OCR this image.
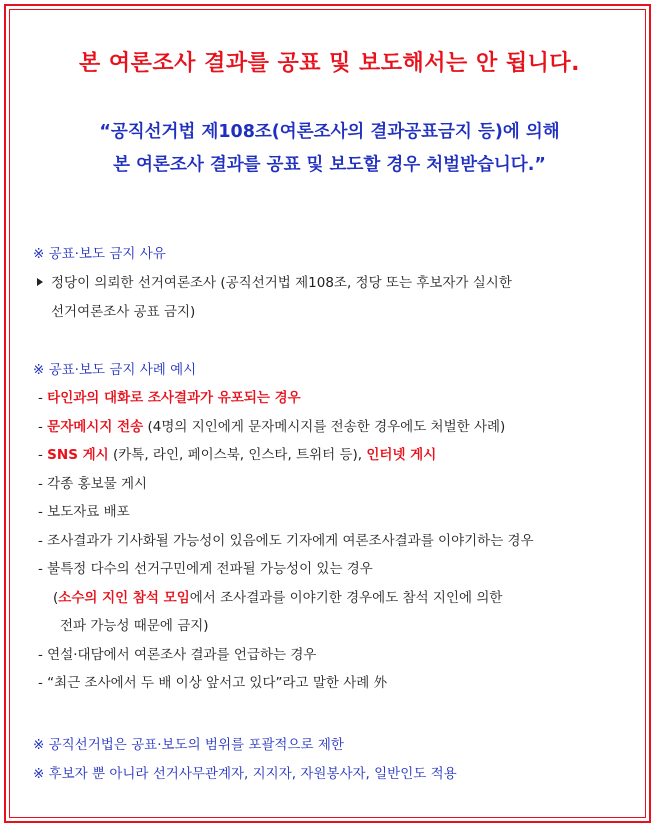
본 여론조사 결과를 공표 및 보도해서는 안 됩니다.
“공직선거법 제108조(여론조사의 결과공표금지 등)에 의해
본 여론조사 결과를 공표 및 보도할 경우 처벌받습니다.”
※ 공표·보도 금지 사유
정당이 의뢰한 선거여론조사 (공직선거법 제108조, 정당 또는 후보자가 실시한
선거여론조사 공표 금지)
※ 공표·보도 금지 사례 예시
- 타인과의 대화로 조사결과가 유포되는 경우
- 문자메시지 전송 (4명의 지인에게 문자메시지를 전송한 경우에도 처벌한 사례)
- SNS 게시 (카톡, 라인, 페이스북, 인스타, 트위터 등), 인터넷 게시
- 각종 홍보물 게시
- 보도자료 배포
- 조사결과가 기사화될 가능성이 있음에도 기자에게 여론조사결과를 이야기하는 경우
- 불특정 다수의 선거구민에게 전파될 가능성이 있는 경우
(소수의 지인 참석 모임에서 조사결과를 이야기한 경우에도 참석 지인에 의한
전파 가능성 때문에 금지)
- 연설·대담에서 여론조사 결과를 언급하는 경우
- “최근 조사에서 두 배 이상 앞서고 있다”라고 말한 사례 外
※ 공직선거법은 공표·보도의 범위를 포괄적으로 제한
※ 후보자 뿐 아니라 선거사무관계자, 지지자, 자원봉사자, 일반인도 적용
